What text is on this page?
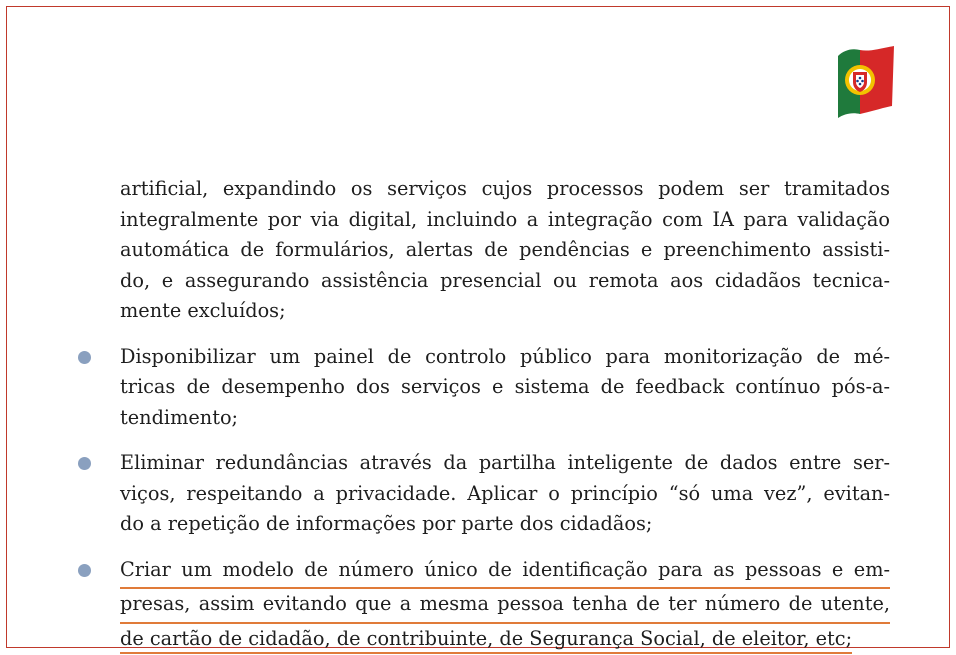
artificial, expandindo os serviços cujos processos podem ser tramitados
integralmente por via digital, incluindo a integração com IA para validação
automática de formulários, alertas de pendências e preenchimento assisti-
do, e assegurando assistência presencial ou remota aos cidadãos tecnica-
mente excluídos;

Disponibilizar um painel de controlo público para monitorização de mé-
tricas de desempenho dos serviços e sistema de feedback contínuo pós-a-
tendimento;

Eliminar redundâncias através da partilha inteligente de dados entre ser-
viços, respeitando a privacidade. Aplicar o princípio “só uma vez”, evitan-
do a repetição de informações por parte dos cidadãos;

Criar um modelo de número único de identificação para as pessoas e em-
presas, assim evitando que a mesma pessoa tenha de ter número de utente,
de cartão de cidadão, de contribuinte, de Segurança Social, de eleitor, etc;
